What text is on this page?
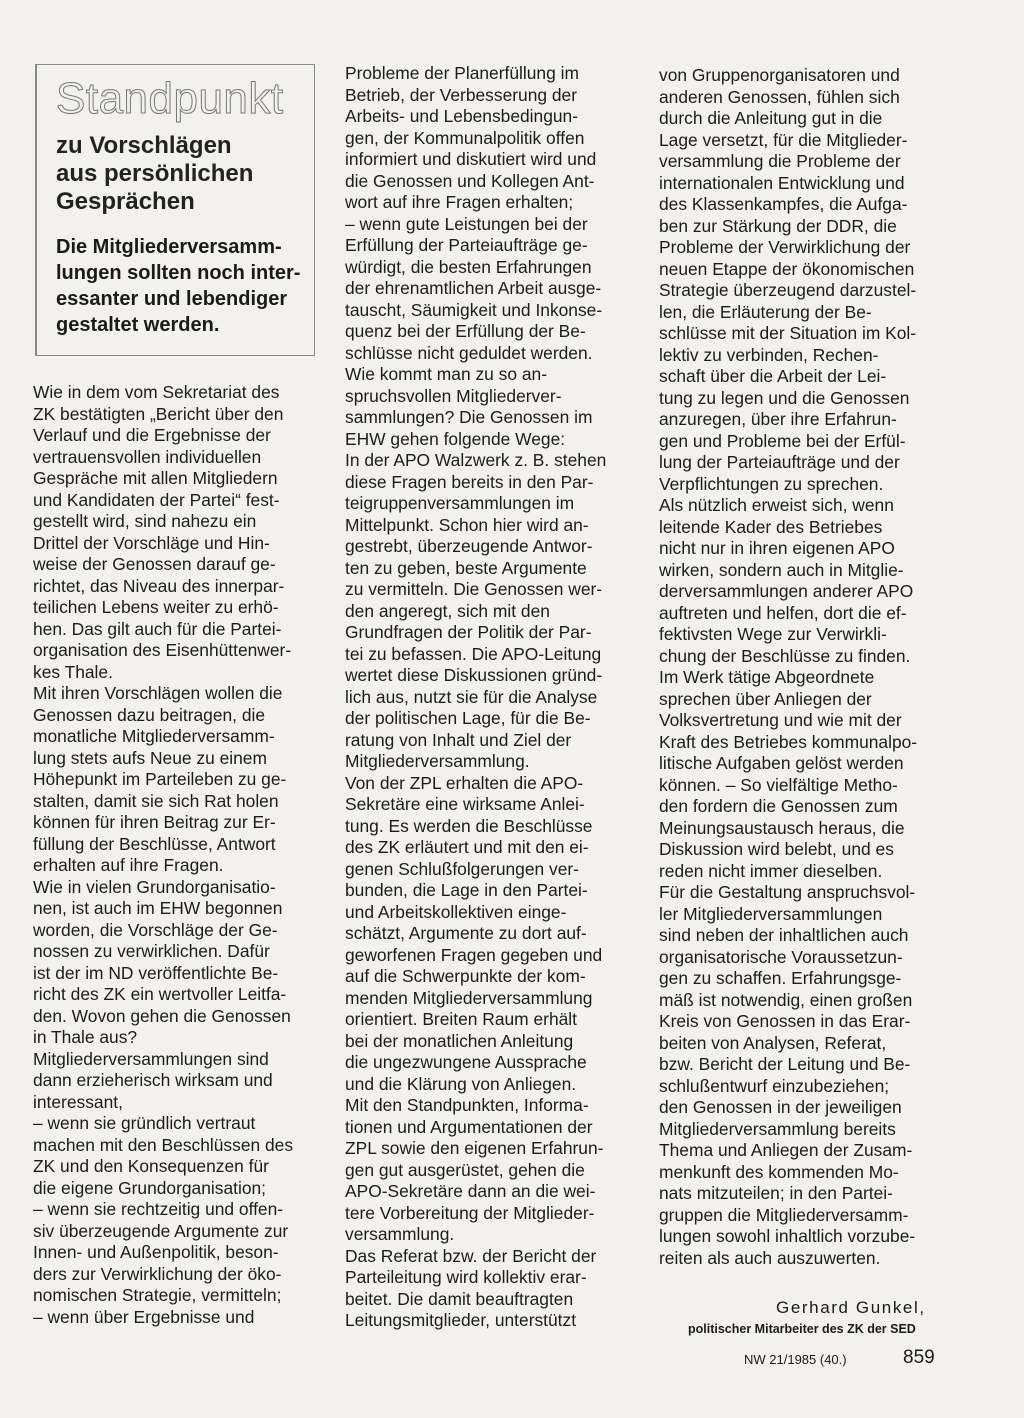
Standpunkt
zu Vorschlägen
aus persönlichen
Gesprächen
Die Mitgliederversamm-
lungen sollten noch inter-
essanter und lebendiger
gestaltet werden.
Wie in dem vom Sekretariat des
ZK bestätigten „Bericht über den
Verlauf und die Ergebnisse der
vertrauensvollen individuellen
Gespräche mit allen Mitgliedern
und Kandidaten der Partei“ fest-
gestellt wird, sind nahezu ein
Drittel der Vorschläge und Hin-
weise der Genossen darauf ge-
richtet, das Niveau des innerpar-
teilichen Lebens weiter zu erhö-
hen. Das gilt auch für die Partei-
organisation des Eisenhüttenwer-
kes Thale.
Mit ihren Vorschlägen wollen die
Genossen dazu beitragen, die
monatliche Mitgliederversamm-
lung stets aufs Neue zu einem
Höhepunkt im Parteileben zu ge-
stalten, damit sie sich Rat holen
können für ihren Beitrag zur Er-
füllung der Beschlüsse, Antwort
erhalten auf ihre Fragen.
Wie in vielen Grundorganisatio-
nen, ist auch im EHW begonnen
worden, die Vorschläge der Ge-
nossen zu verwirklichen. Dafür
ist der im ND veröffentlichte Be-
richt des ZK ein wertvoller Leitfa-
den. Wovon gehen die Genossen
in Thale aus?
Mitgliederversammlungen sind
dann erzieherisch wirksam und
interessant,
– wenn sie gründlich vertraut
machen mit den Beschlüssen des
ZK und den Konsequenzen für
die eigene Grundorganisation;
– wenn sie rechtzeitig und offen-
siv überzeugende Argumente zur
Innen- und Außenpolitik, beson-
ders zur Verwirklichung der öko-
nomischen Strategie, vermitteln;
– wenn über Ergebnisse und
Probleme der Planerfüllung im
Betrieb, der Verbesserung der
Arbeits- und Lebensbedingun-
gen, der Kommunalpolitik offen
informiert und diskutiert wird und
die Genossen und Kollegen Ant-
wort auf ihre Fragen erhalten;
– wenn gute Leistungen bei der
Erfüllung der Parteiaufträge ge-
würdigt, die besten Erfahrungen
der ehrenamtlichen Arbeit ausge-
tauscht, Säumigkeit und Inkonse-
quenz bei der Erfüllung der Be-
schlüsse nicht geduldet werden.
Wie kommt man zu so an-
spruchsvollen Mitgliederver-
sammlungen? Die Genossen im
EHW gehen folgende Wege:
In der APO Walzwerk z. B. stehen
diese Fragen bereits in den Par-
teigruppenversammlungen im
Mittelpunkt. Schon hier wird an-
gestrebt, überzeugende Antwor-
ten zu geben, beste Argumente
zu vermitteln. Die Genossen wer-
den angeregt, sich mit den
Grundfragen der Politik der Par-
tei zu befassen. Die APO-Leitung
wertet diese Diskussionen gründ-
lich aus, nutzt sie für die Analyse
der politischen Lage, für die Be-
ratung von Inhalt und Ziel der
Mitgliederversammlung.
Von der ZPL erhalten die APO-
Sekretäre eine wirksame Anlei-
tung. Es werden die Beschlüsse
des ZK erläutert und mit den ei-
genen Schlußfolgerungen ver-
bunden, die Lage in den Partei-
und Arbeitskollektiven einge-
schätzt, Argumente zu dort auf-
geworfenen Fragen gegeben und
auf die Schwerpunkte der kom-
menden Mitgliederversammlung
orientiert. Breiten Raum erhält
bei der monatlichen Anleitung
die ungezwungene Aussprache
und die Klärung von Anliegen.
Mit den Standpunkten, Informa-
tionen und Argumentationen der
ZPL sowie den eigenen Erfahrun-
gen gut ausgerüstet, gehen die
APO-Sekretäre dann an die wei-
tere Vorbereitung der Mitglieder-
versammlung.
Das Referat bzw. der Bericht der
Parteileitung wird kollektiv erar-
beitet. Die damit beauftragten
Leitungsmitglieder, unterstützt
von Gruppenorganisatoren und
anderen Genossen, fühlen sich
durch die Anleitung gut in die
Lage versetzt, für die Mitglieder-
versammlung die Probleme der
internationalen Entwicklung und
des Klassenkampfes, die Aufga-
ben zur Stärkung der DDR, die
Probleme der Verwirklichung der
neuen Etappe der ökonomischen
Strategie überzeugend darzustel-
len, die Erläuterung der Be-
schlüsse mit der Situation im Kol-
lektiv zu verbinden, Rechen-
schaft über die Arbeit der Lei-
tung zu legen und die Genossen
anzuregen, über ihre Erfahrun-
gen und Probleme bei der Erfül-
lung der Parteiaufträge und der
Verpflichtungen zu sprechen.
Als nützlich erweist sich, wenn
leitende Kader des Betriebes
nicht nur in ihren eigenen APO
wirken, sondern auch in Mitglie-
derversammlungen anderer APO
auftreten und helfen, dort die ef-
fektivsten Wege zur Verwirkli-
chung der Beschlüsse zu finden.
Im Werk tätige Abgeordnete
sprechen über Anliegen der
Volksvertretung und wie mit der
Kraft des Betriebes kommunalpo-
litische Aufgaben gelöst werden
können. – So vielfältige Metho-
den fordern die Genossen zum
Meinungsaustausch heraus, die
Diskussion wird belebt, und es
reden nicht immer dieselben.
Für die Gestaltung anspruchsvol-
ler Mitgliederversammlungen
sind neben der inhaltlichen auch
organisatorische Voraussetzun-
gen zu schaffen. Erfahrungsge-
mäß ist notwendig, einen großen
Kreis von Genossen in das Erar-
beiten von Analysen, Referat,
bzw. Bericht der Leitung und Be-
schlußentwurf einzubeziehen;
den Genossen in der jeweiligen
Mitgliederversammlung bereits
Thema und Anliegen der Zusam-
menkunft des kommenden Mo-
nats mitzuteilen; in den Partei-
gruppen die Mitgliederversamm-
lungen sowohl inhaltlich vorzube-
reiten als auch auszuwerten.
Gerhard Gunkel,
politischer Mitarbeiter des ZK der SED
NW 21/1985 (40.)	859
